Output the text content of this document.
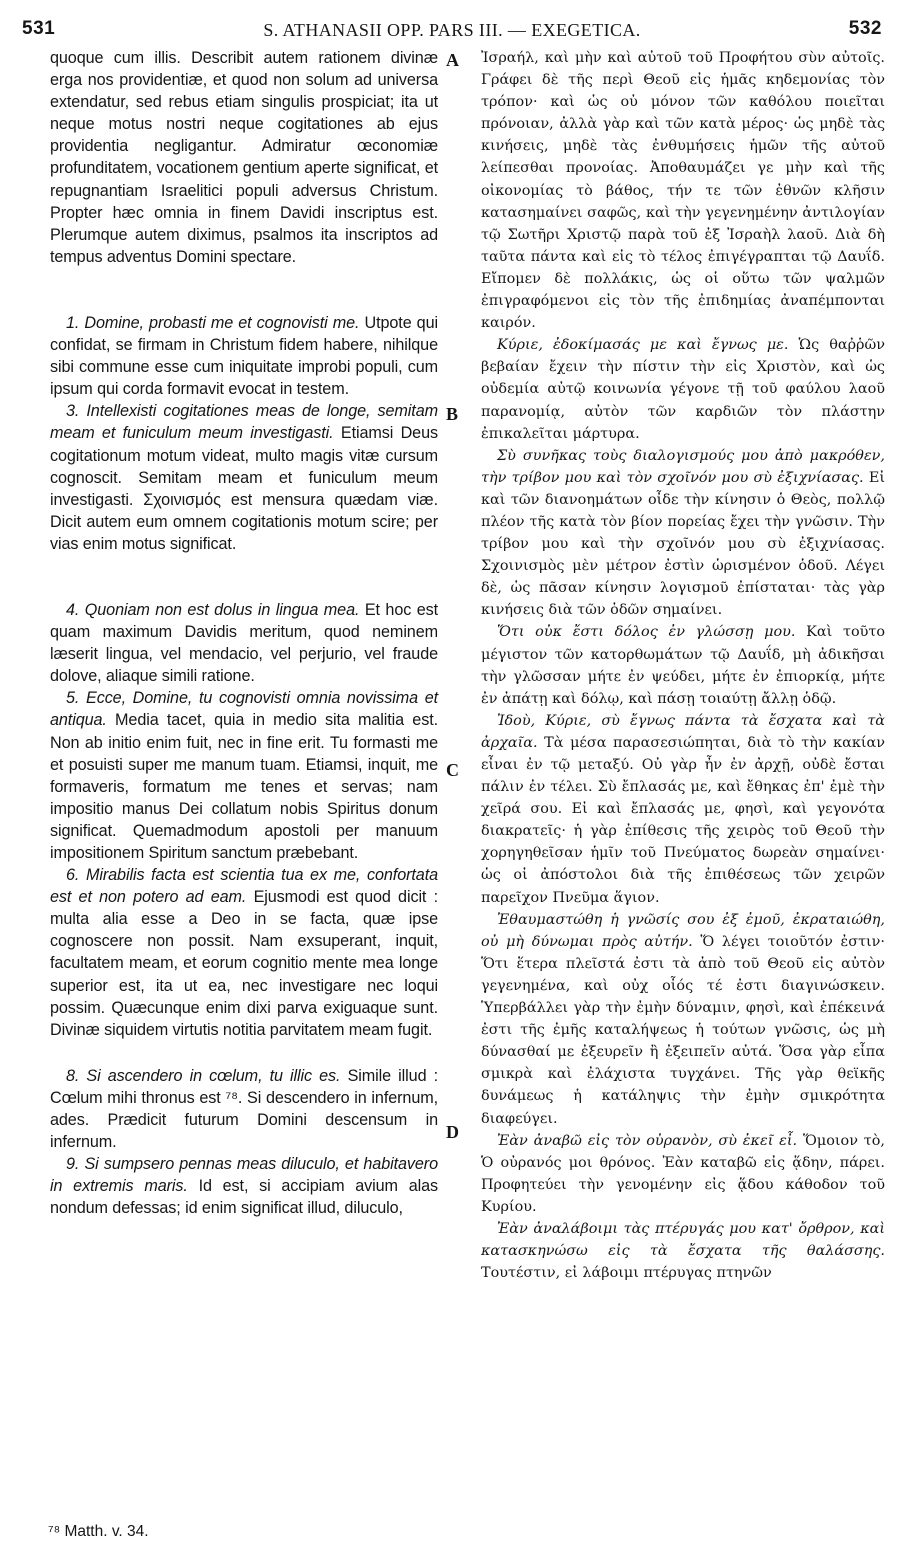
531	S. ATHANASII OPP. PARS III. — EXEGETICA.	532

quoque cum illis. Describit autem rationem divinæ erga nos providentiæ, et quod non solum ad universa extendatur, sed rebus etiam singulis prospiciat; ita ut neque motus nostri neque cogitationes ab ejus providentia negligantur. Admiratur œconomiæ profunditatem, vocationem gentium aperte significat, et repugnantiam Israelitici populi adversus Christum. Propter hæc omnia in finem Davidi inscriptus est. Plerumque autem diximus, psalmos ita inscriptos ad tempus adventus Domini spectare.

1. Domine, probasti me et cognovisti me. Utpote qui confidat, se firmam in Christum fidem habere, nihilque sibi commune esse cum iniquitate improbi populi, cum ipsum qui corda formavit evocat in testem.

3. Intellexisti cogitationes meas de longe, semitam meam et funiculum meum investigasti. Etiamsi Deus cogitationum motum videat, multo magis vitæ cursum cognoscit. Semitam meam et funiculum meum investigasti. Σχοινισμός est mensura quædam viæ. Dicit autem eum omnem cogitationis motum scire; per vias enim motus significat.

4. Quoniam non est dolus in lingua mea. Et hoc est quam maximum Davidis meritum, quod neminem læserit lingua, vel mendacio, vel perjurio, vel fraude dolove, aliaque simili ratione.

5. Ecce, Domine, tu cognovisti omnia novissima et antiqua. Media tacet, quia in medio sita malitia est. Non ab initio enim fuit, nec in fine erit. Tu formasti me et posuisti super me manum tuam. Etiamsi, inquit, me formaveris, formatum me tenes et servas; nam impositio manus Dei collatum nobis Spiritus donum significat. Quemadmodum apostoli per manuum impositionem Spiritum sanctum præbebant.

6. Mirabilis facta est scientia tua ex me, confortata est et non potero ad eam. Ejusmodi est quod dicit : multa alia esse a Deo in se facta, quæ ipse cognoscere non possit. Nam exsuperant, inquit, facultatem meam, et eorum cognitio mente mea longe superior est, ita ut ea, nec investigare nec loqui possim. Quæcunque enim dixi parva exiguaque sunt. Divinæ siquidem virtutis notitia parvitatem meam fugit.

8. Si ascendero in cœlum, tu illic es. Simile illud : Cœlum mihi thronus est ⁷⁸. Si descendero in infernum, ades. Prædicit futurum Domini descensum in infernum.

9. Si sumpsero pennas meas diluculo, et habitavero in extremis maris. Id est, si accipiam avium alas nondum defessas; id enim significat illud, diluculo,

A
B
C
D

Ἰσραήλ, καὶ μὴν καὶ αὐτοῦ τοῦ Προφήτου σὺν αὐτοῖς. Γράφει δὲ τῆς περὶ Θεοῦ εἰς ἡμᾶς κηδεμονίας τὸν τρόπον· καὶ ὡς οὐ μόνον τῶν καθόλου ποιεῖται πρόνοιαν, ἀλλὰ γὰρ καὶ τῶν κατὰ μέρος· ὡς μηδὲ τὰς κινήσεις, μηδὲ τὰς ἐνθυμήσεις ἡμῶν τῆς αὐτοῦ λείπεσθαι προνοίας. Ἀποθαυμάζει γε μὴν καὶ τῆς οἰκονομίας τὸ βάθος, τήν τε τῶν ἐθνῶν κλῆσιν κατασημαίνει σαφῶς, καὶ τὴν γεγενημένην ἀντιλογίαν τῷ Σωτῆρι Χριστῷ παρὰ τοῦ ἐξ Ἰσραὴλ λαοῦ. Διὰ δὴ ταῦτα πάντα καὶ εἰς τὸ τέλος ἐπιγέγραπται τῷ Δαυΐδ. Εἴπομεν δὲ πολλάκις, ὡς οἱ οὕτω τῶν ψαλμῶν ἐπιγραφόμενοι εἰς τὸν τῆς ἐπιδημίας ἀναπέμπονται καιρόν.

Κύριε, ἐδοκίμασάς με καὶ ἔγνως με. Ὡς θαῤῥῶν βεβαίαν ἔχειν τὴν πίστιν τὴν εἰς Χριστὸν, καὶ ὡς οὐδεμία αὐτῷ κοινωνία γέγονε τῇ τοῦ φαύλου λαοῦ παρανομίᾳ, αὐτὸν τῶν καρδιῶν τὸν πλάστην ἐπικαλεῖται μάρτυρα.

Σὺ συνῆκας τοὺς διαλογισμούς μου ἀπὸ μακρόθεν, τὴν τρίβον μου καὶ τὸν σχοῖνόν μου σὺ ἐξιχνίασας. Εἰ καὶ τῶν διανοημάτων οἶδε τὴν κίνησιν ὁ Θεὸς, πολλῷ πλέον τῆς κατὰ τὸν βίον πορείας ἔχει τὴν γνῶσιν. Τὴν τρίβον μου καὶ τὴν σχοῖνόν μου σὺ ἐξιχνίασας. Σχοινισμὸς μὲν μέτρον ἐστὶν ὡρισμένον ὁδοῦ. Λέγει δὲ, ὡς πᾶσαν κίνησιν λογισμοῦ ἐπίσταται· τὰς γὰρ κινήσεις διὰ τῶν ὁδῶν σημαίνει.

Ὅτι οὐκ ἔστι δόλος ἐν γλώσσῃ μου. Καὶ τοῦτο μέγιστον τῶν κατορθωμάτων τῷ Δαυΐδ, μὴ ἀδικῆσαι τὴν γλῶσσαν μήτε ἐν ψεύδει, μήτε ἐν ἐπιορκίᾳ, μήτε ἐν ἀπάτῃ καὶ δόλῳ, καὶ πάσῃ τοιαύτῃ ἄλλῃ ὁδῷ.

Ἰδοὺ, Κύριε, σὺ ἔγνως πάντα τὰ ἔσχατα καὶ τὰ ἀρχαῖα. Τὰ μέσα παρασεσιώπηται, διὰ τὸ τὴν κακίαν εἶναι ἐν τῷ μεταξύ. Οὐ γὰρ ἦν ἐν ἀρχῇ, οὐδὲ ἔσται πάλιν ἐν τέλει. Σὺ ἔπλασάς με, καὶ ἔθηκας ἐπ' ἐμὲ τὴν χεῖρά σου. Εἰ καὶ ἔπλασάς με, φησὶ, καὶ γεγονότα διακρατεῖς· ἡ γὰρ ἐπίθεσις τῆς χειρὸς τοῦ Θεοῦ τὴν χορηγηθεῖσαν ἡμῖν τοῦ Πνεύματος δωρεὰν σημαίνει· ὡς οἱ ἀπόστολοι διὰ τῆς ἐπιθέσεως τῶν χειρῶν παρεῖχον Πνεῦμα ἅγιον.

Ἐθαυμαστώθη ἡ γνῶσίς σου ἐξ ἐμοῦ, ἐκραταιώθη, οὐ μὴ δύνωμαι πρὸς αὐτήν. Ὅ λέγει τοιοῦτόν ἐστιν· Ὅτι ἕτερα πλεῖστά ἐστι τὰ ἀπὸ τοῦ Θεοῦ εἰς αὐτὸν γεγενημένα, καὶ οὐχ οἷός τέ ἐστι διαγινώσκειν. Ὑπερβάλλει γὰρ τὴν ἐμὴν δύναμιν, φησὶ, καὶ ἐπέκεινά ἐστι τῆς ἐμῆς καταλήψεως ἡ τούτων γνῶσις, ὡς μὴ δύνασθαί με ἐξευρεῖν ἢ ἐξειπεῖν αὐτά. Ὅσα γὰρ εἶπα σμικρὰ καὶ ἐλάχιστα τυγχάνει. Τῆς γὰρ θεϊκῆς δυνάμεως ἡ κατάληψις τὴν ἐμὴν σμικρότητα διαφεύγει.

Ἐὰν ἀναβῶ εἰς τὸν οὐρανὸν, σὺ ἐκεῖ εἶ. Ὅμοιον τὸ, Ὁ οὐρανός μοι θρόνος. Ἐὰν καταβῶ εἰς ᾅδην, πάρει. Προφητεύει τὴν γενομένην εἰς ᾅδου κάθοδον τοῦ Κυρίου.

Ἐὰν ἀναλάβοιμι τὰς πτέρυγάς μου κατ' ὄρθρον, καὶ κατασκηνώσω εἰς τὰ ἔσχατα τῆς θαλάσσης. Τουτέστιν, εἰ λάβοιμι πτέρυγας πτηνῶν

⁷⁸ Matth. v. 34.
